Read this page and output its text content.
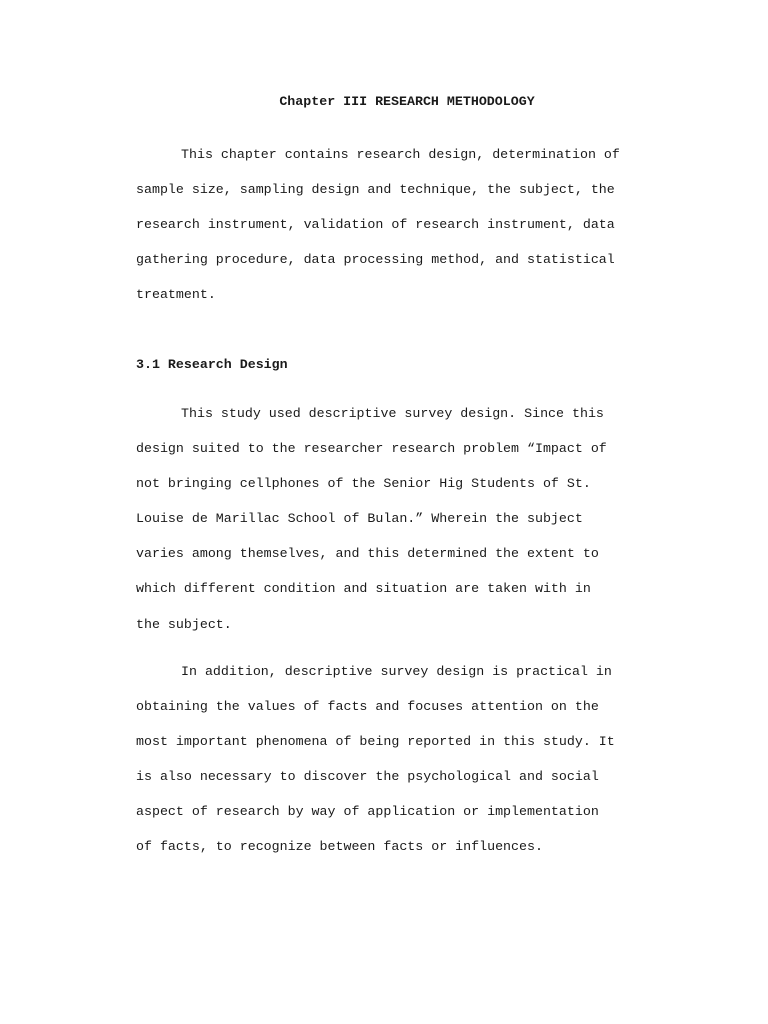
Chapter III RESEARCH METHODOLOGY
This chapter contains research design, determination of
sample size, sampling design and technique, the subject, the
research instrument, validation of research instrument, data
gathering procedure, data processing method, and statistical
treatment.
3.1 Research Design
This study used descriptive survey design. Since this
design suited to the researcher research problem “Impact of
not bringing cellphones of the Senior Hig Students of St.
Louise de Marillac School of Bulan.” Wherein the subject
varies among themselves, and this determined the extent to
which different condition and situation are taken with in
the subject.
In addition, descriptive survey design is practical in
obtaining the values of facts and focuses attention on the
most important phenomena of being reported in this study. It
is also necessary to discover the psychological and social
aspect of research by way of application or implementation
of facts, to recognize between facts or influences.
